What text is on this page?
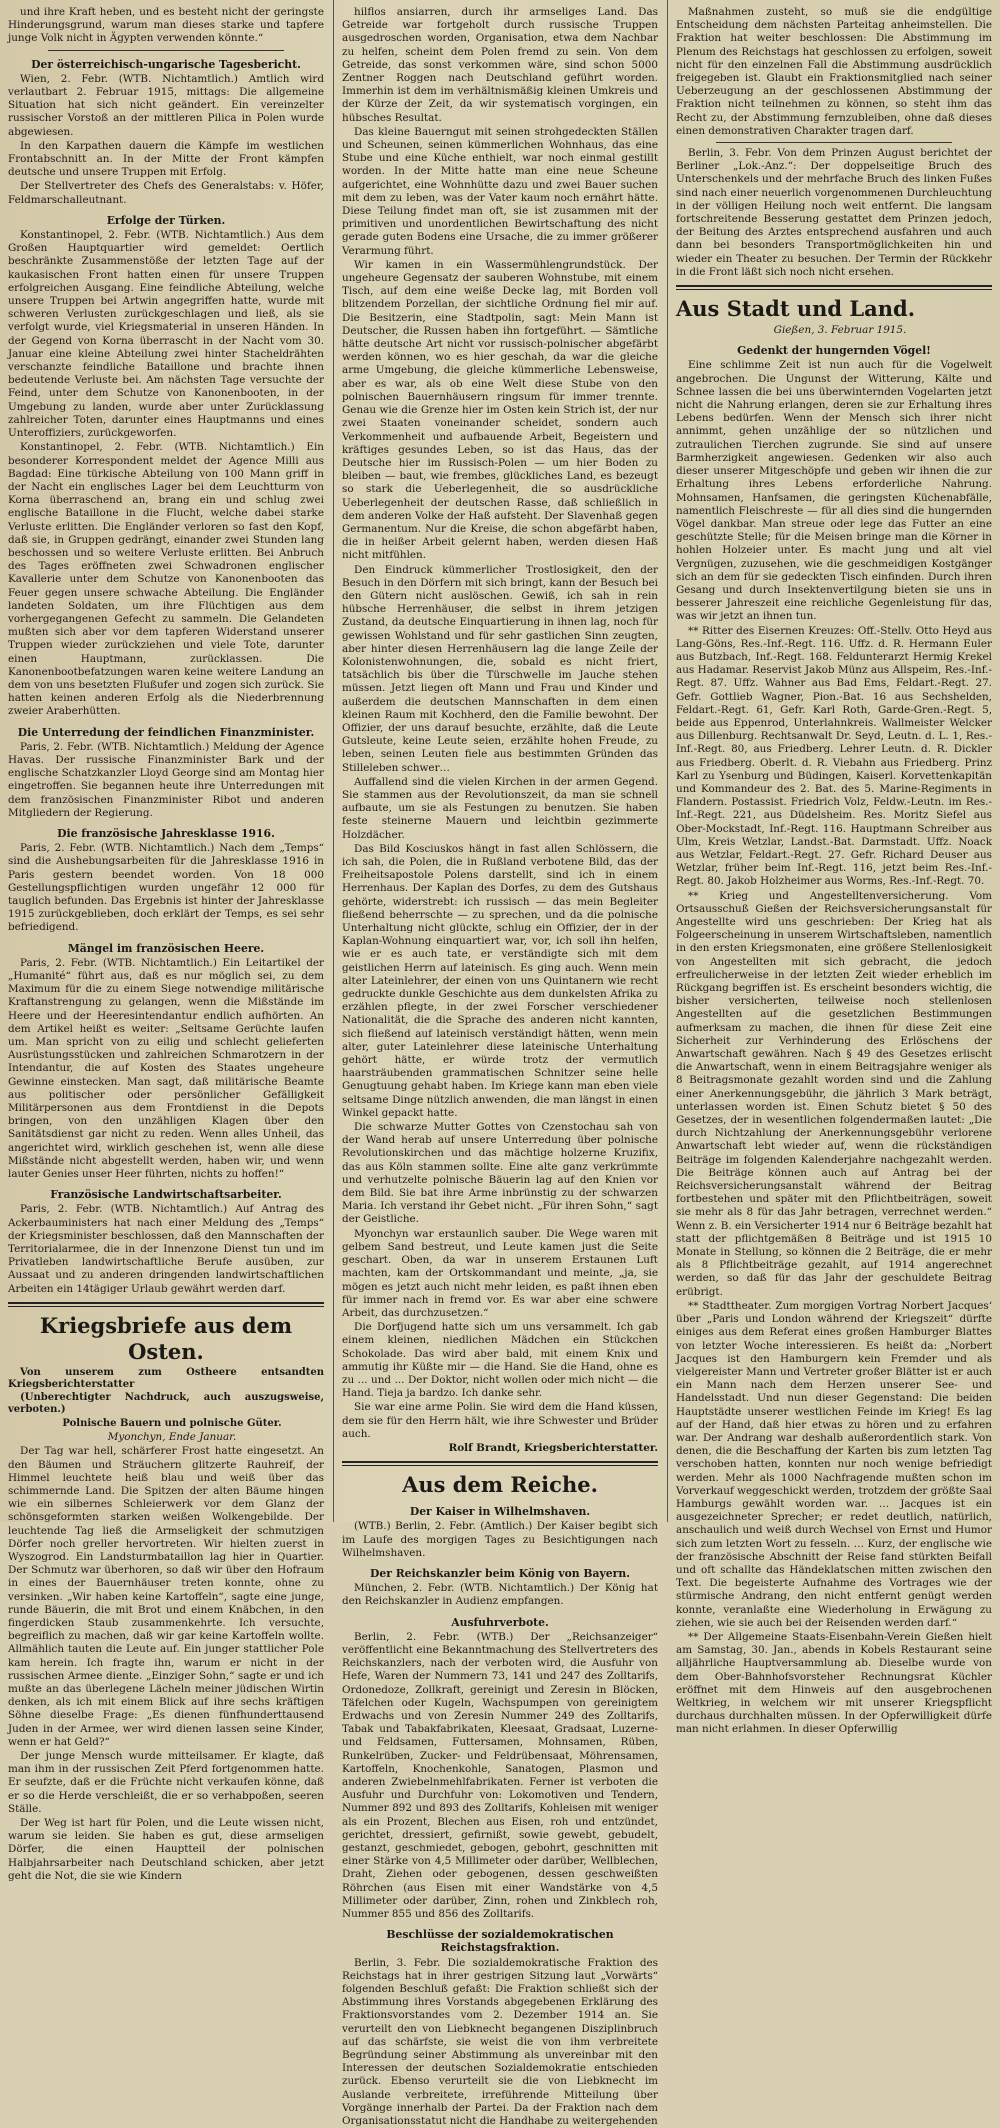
und ihre Kraft heben, und es besteht nicht der geringste Hinderungsgrund, warum man dieses starke und tapfere junge Volk nicht in Ägypten verwenden könnte.“

Der österreichisch-ungarische Tagesbericht.

Wien, 2. Febr. (WTB. Nichtamtlich.) Amtlich wird verlautbart 2. Februar 1915, mittags: Die allgemeine Situation hat sich nicht geändert. Ein vereinzelter russischer Vorstoß an der mittleren Pilica in Polen wurde abgewiesen.

In den Karpathen dauern die Kämpfe im westlichen Frontabschnitt an. In der Mitte der Front kämpfen deutsche und unsere Truppen mit Erfolg.

Der Stellvertreter des Chefs des Generalstabs: v. Höfer, Feldmarschalleutnant.

Erfolge der Türken.

Konstantinopel, 2. Febr. (WTB. Nichtamtlich.) Aus dem Großen Hauptquartier wird gemeldet: Oertlich beschränkte Zusammenstöße der letzten Tage auf der kaukasischen Front hatten einen für unsere Truppen erfolgreichen Ausgang. Eine feindliche Abteilung, welche unsere Truppen bei Artwin angegriffen hatte, wurde mit schweren Verlusten zurückgeschlagen und ließ, als sie verfolgt wurde, viel Kriegsmaterial in unseren Händen. In der Gegend von Korna überrascht in der Nacht vom 30. Januar eine kleine Abteilung zwei hinter Stacheldrähten verschanzte feindliche Bataillone und brachte ihnen bedeutende Verluste bei. Am nächsten Tage versuchte der Feind, unter dem Schutze von Kanonenbooten, in der Umgebung zu landen, wurde aber unter Zurücklassung zahlreicher Toten, darunter eines Hauptmanns und eines Unteroffiziers, zurückgeworfen.

Konstantinopel, 2. Febr. (WTB. Nichtamtlich.) Ein besonderer Korrespondent meldet der Agence Milli aus Bagdad: Eine türkische Abteilung von 100 Mann griff in der Nacht ein englisches Lager bei dem Leuchtturm von Korna überraschend an, brang ein und schlug zwei englische Bataillone in die Flucht, welche dabei starke Verluste erlitten. Die Engländer verloren so fast den Kopf, daß sie, in Gruppen gedrängt, einander zwei Stunden lang beschossen und so weitere Verluste erlitten. Bei Anbruch des Tages eröffneten zwei Schwadronen englischer Kavallerie unter dem Schutze von Kanonenbooten das Feuer gegen unsere schwache Abteilung. Die Engländer landeten Soldaten, um ihre Flüchtigen aus dem vorhergegangenen Gefecht zu sammeln. Die Gelandeten mußten sich aber vor dem tapferen Widerstand unserer Truppen wieder zurückziehen und viele Tote, darunter einen Hauptmann, zurücklassen. Die Kanonenbootbefatzungen waren keine weitere Landung an dem von uns besetzten Flußufer und zogen sich zurück. Sie hatten keinen anderen Erfolg als die Niederbrennung zweier Araberhütten.

Die Unterredung der feindlichen Finanzminister.

Paris, 2. Febr. (WTB. Nichtamtlich.) Meldung der Agence Havas. Der russische Finanzminister Bark und der englische Schatzkanzler Lloyd George sind am Montag hier eingetroffen. Sie begannen heute ihre Unterredungen mit dem französischen Finanzminister Ribot und anderen Mitgliedern der Regierung.

Die französische Jahresklasse 1916.

Paris, 2. Febr. (WTB. Nichtamtlich.) Nach dem „Temps“ sind die Aushebungsarbeiten für die Jahresklasse 1916 in Paris gestern beendet worden. Von 18 000 Gestellungspflichtigen wurden ungefähr 12 000 für tauglich befunden. Das Ergebnis ist hinter der Jahresklasse 1915 zurückgeblieben, doch erklärt der Temps, es sei sehr befriedigend.

Mängel im französischen Heere.

Paris, 2. Febr. (WTB. Nichtamtlich.) Ein Leitartikel der „Humanité“ führt aus, daß es nur möglich sei, zu dem Maximum für die zu einem Siege notwendige militärische Kraftanstrengung zu gelangen, wenn die Mißstände im Heere und der Heeresintendantur endlich aufhörten. An dem Artikel heißt es weiter: „Seltsame Gerüchte laufen um. Man spricht von zu eilig und schlecht gelieferten Ausrüstungsstücken und zahlreichen Schmarotzern in der Intendantur, die auf Kosten des Staates ungeheure Gewinne einstecken. Man sagt, daß militärische Beamte aus politischer oder persönlicher Gefälligkeit Militärpersonen aus dem Frontdienst in die Depots bringen, von den unzähligen Klagen über den Sanitätsdienst gar nicht zu reden. Wenn alles Unheil, das angerichtet wird, wirklich geschehen ist, wenn alle diese Mißstände nicht abgestellt werden, haben wir, und wenn lauter Genies unser Heer führten, nichts zu hoffen!“

Französische Landwirtschaftsarbeiter.

Paris, 2. Febr. (WTB. Nichtamtlich.) Auf Antrag des Ackerbauministers hat nach einer Meldung des „Temps“ der Kriegsminister beschlossen, daß den Mannschaften der Territorialarmee, die in der Innenzone Dienst tun und im Privatleben landwirtschaftliche Berufe ausüben, zur Aussaat und zu anderen dringenden landwirtschaftlichen Arbeiten ein 14tägiger Urlaub gewährt werden darf.

Kriegsbriefe aus dem Osten.

Von unserem zum Ostheere entsandten Kriegsberichterstatter

(Unberechtigter Nachdruck, auch auszugsweise, verboten.)

Polnische Bauern und polnische Güter.

Myonchyn, Ende Januar.

Der Tag war hell, schärferer Frost hatte eingesetzt. An den Bäumen und Sträuchern glitzerte Rauhreif, der Himmel leuchtete heiß blau und weiß über das schimmernde Land. Die Spitzen der alten Bäume hingen wie ein silbernes Schleierwerk vor dem Glanz der schönsgeformten starken weißen Wolkengebilde. Der leuchtende Tag ließ die Armseligkeit der schmutzigen Dörfer noch greller hervortreten. Wir hielten zuerst in Wyszogrod. Ein Landsturmbataillon lag hier in Quartier. Der Schmutz war überhoren, so daß wir über den Hofraum in eines der Bauernhäuser treten konnte, ohne zu versinken. „Wir haben keine Kartoffeln“, sagte eine junge, runde Bäuerin, die mit Brot und einem Knäbchen, in den fingerdicken Staub zusammenkehrte. Ich versuchte, begreiflich zu machen, daß wir gar keine Kartoffeln wollte. Allmählich tauten die Leute auf. Ein junger stattlicher Pole kam herein. Ich fragte ihn, warum er nicht in der russischen Armee diente. „Einziger Sohn,“ sagte er und ich mußte an das überlegene Lächeln meiner jüdischen Wirtin denken, als ich mit einem Blick auf ihre sechs kräftigen Söhne dieselbe Frage: „Es dienen fünfhunderttausend Juden in der Armee, wer wird dienen lassen seine Kinder, wenn er hat Geld?“

Der junge Mensch wurde mitteilsamer. Er klagte, daß man ihm in der russischen Zeit Pferd fortgenommen hatte. Er seufzte, daß er die Früchte nicht verkaufen könne, daß er so die Herde verschleißt, die er so verhabpoßen, seeren Ställe.

Der Weg ist hart für Polen, und die Leute wissen nicht, warum sie leiden. Sie haben es gut, diese armseligen Dörfer, die einen Hauptteil der polnischen Halbjahrsarbeiter nach Deutschland schicken, aber jetzt geht die Not, die sie wie Kindern

hilflos ansiarren, durch ihr armseliges Land. Das Getreide war fortgeholt durch russische Truppen ausgedroschen worden, Organisation, etwa dem Nachbar zu helfen, scheint dem Polen fremd zu sein. Von dem Getreide, das sonst verkommen wäre, sind schon 5000 Zentner Roggen nach Deutschland geführt worden. Immerhin ist dem im verhältnismäßig kleinen Umkreis und der Kürze der Zeit, da wir systematisch vorgingen, ein hübsches Resultat.

Das kleine Bauerngut mit seinen strohgedeckten Ställen und Scheunen, seinen kümmerlichen Wohnhaus, das eine Stube und eine Küche enthielt, war noch einmal gestillt worden. In der Mitte hatte man eine neue Scheune aufgerichtet, eine Wohnhütte dazu und zwei Bauer suchen mit dem zu leben, was der Vater kaum noch ernährt hätte. Diese Teilung findet man oft, sie ist zusammen mit der primitiven und unordentlichen Bewirtschaftung des nicht gerade guten Bodens eine Ursache, die zu immer größerer Verarmung führt.

Wir kamen in ein Wassermühlengrundstück. Der ungeheure Gegensatz der sauberen Wohnstube, mit einem Tisch, auf dem eine weiße Decke lag, mit Borden voll blitzendem Porzellan, der sichtliche Ordnung fiel mir auf. Die Besitzerin, eine Stadtpolin, sagt: Mein Mann ist Deutscher, die Russen haben ihn fortgeführt. — Sämtliche hätte deutsche Art nicht vor russisch-polnischer abgefärbt werden können, wo es hier geschah, da war die gleiche arme Umgebung, die gleiche kümmerliche Lebensweise, aber es war, als ob eine Welt diese Stube von den polnischen Bauernhäusern ringsum für immer trennte. Genau wie die Grenze hier im Osten kein Strich ist, der nur zwei Staaten voneinander scheidet, sondern auch Verkommenheit und aufbauende Arbeit, Begeistern und kräftiges gesundes Leben, so ist das Haus, das der Deutsche hier im Russisch-Polen — um hier Boden zu bleiben — baut, wie frembes, glückliches Land, es bezeugt so stark die Ueberlegenheit, die so ausdrückliche Ueberlegenheit der deutschen Rasse, daß schließlich in dem anderen Volke der Haß aufsteht. Der Slavenhaß gegen Germanentum. Nur die Kreise, die schon abgefärbt haben, die in heißer Arbeit gelernt haben, werden diesen Haß nicht mitfühlen.

Den Eindruck kümmerlicher Trostlosigkeit, den der Besuch in den Dörfern mit sich bringt, kann der Besuch bei den Gütern nicht auslöschen. Gewiß, ich sah in rein hübsche Herrenhäuser, die selbst in ihrem jetzigen Zustand, da deutsche Einquartierung in ihnen lag, noch für gewissen Wohlstand und für sehr gastlichen Sinn zeugten, aber hinter diesen Herrenhäusern lag die lange Zeile der Kolonistenwohnungen, die, sobald es nicht friert, tatsächlich bis über die Türschwelle im Jauche stehen müssen. Jetzt liegen oft Mann und Frau und Kinder und außerdem die deutschen Mannschaften in dem einen kleinen Raum mit Kochherd, den die Familie bewohnt. Der Offizier, der uns darauf besuchte, erzählte, daß die Leute Gutsleute, keine Leute seien, erzählte hohen Freude, zu leben, seinen Leuten fiele aus bestimmten Gründen das Stilleleben schwer…

Auffallend sind die vielen Kirchen in der armen Gegend. Sie stammen aus der Revolutionszeit, da man sie schnell aufbaute, um sie als Festungen zu benutzen. Sie haben feste steinerne Mauern und leichtbin gezimmerte Holzdächer.

Das Bild Kosciuskos hängt in fast allen Schlössern, die ich sah, die Polen, die in Rußland verbotene Bild, das der Freiheitsapostole Polens darstellt, sind ich in einem Herrenhaus. Der Kaplan des Dorfes, zu dem des Gutshaus gehörte, widerstrebt: ich russisch — das mein Begleiter fließend beherrschte — zu sprechen, und da die polnische Unterhaltung nicht glückte, schlug ein Offizier, der in der Kaplan-Wohnung einquartiert war, vor, ich soll ihn helfen, wie er es auch tate, er verständigte sich mit dem geistlichen Herrn auf lateinisch. Es ging auch. Wenn mein alter Lateinlehrer, der einen von uns Quintanern wie recht gedruckte dunkle Geschichte aus dem dunkelsten Afrika zu erzählen pflegte, in der zwei Forscher verschiedener Nationalität, die die Sprache des anderen nicht kannten, sich fließend auf lateinisch verständigt hätten, wenn mein alter, guter Lateinlehrer diese lateinische Unterhaltung gehört hätte, er würde trotz der vermutlich haarsträubenden grammatischen Schnitzer seine helle Genugtuung gehabt haben. Im Kriege kann man eben viele seltsame Dinge nützlich anwenden, die man längst in einen Winkel gepackt hatte.

Die schwarze Mutter Gottes von Czenstochau sah von der Wand herab auf unsere Unterredung über polnische Revolutionskirchen und das mächtige holzerne Kruzifix, das aus Köln stammen sollte. Eine alte ganz verkrümmte und verhutzelte polnische Bäuerin lag auf den Knien vor dem Bild. Sie bat ihre Arme inbrünstig zu der schwarzen Maria. Ich verstand ihr Gebet nicht. „Für ihren Sohn,“ sagt der Geistliche.

Myonchyn war erstaunlich sauber. Die Wege waren mit gelbem Sand bestreut, und Leute kamen just die Seite geschart. Oben, da war in unserem Erstaunen Luft machten, kam der Ortskommandant und meinte, „ja, sie mögen es jetzt auch nicht mehr leiden, es paßt ihnen eben für immer nach in fremd vor. Es war aber eine schwere Arbeit, das durchzusetzen.“

Die Dorfjugend hatte sich um uns versammelt. Ich gab einem kleinen, niedlichen Mädchen ein Stückchen Schokolade. Das wird aber bald, mit einem Knix und ammutig ihr Küßte mir — die Hand. Sie die Hand, ohne es zu ... und ... Der Doktor, nicht wollen oder mich nicht — die Hand. Tieja ja bardzo. Ich danke sehr.

Sie war eine arme Polin. Sie wird dem die Hand küssen, dem sie für den Herrn hält, wie ihre Schwester und Brüder auch.

Rolf Brandt, Kriegsberichterstatter.

Aus dem Reiche.
Der Kaiser in Wilhelmshaven.

(WTB.) Berlin, 2. Febr. (Amtlich.) Der Kaiser begibt sich im Laufe des morgigen Tages zu Besichtigungen nach Wilhelmshaven.

Der Reichskanzler beim König von Bayern.

München, 2. Febr. (WTB. Nichtamtlich.) Der König hat den Reichskanzler in Audienz empfangen.

Ausfuhrverbote.

Berlin, 2. Febr. (WTB.) Der „Reichsanzeiger“ veröffentlicht eine Bekanntmachung des Stellvertreters des Reichskanzlers, nach der verboten wird, die Ausfuhr von Hefe, Waren der Nummern 73, 141 und 247 des Zolltarifs, Ordonedoze, Zollkraft, gereinigt und Zeresin in Blöcken, Täfelchen oder Kugeln, Wachspumpen von gereinigtem Erdwachs und von Zeresin Nummer 249 des Zolltarifs, Tabak und Tabakfabrikaten, Kleesaat, Gradsaat, Luzerne- und Feldsamen, Futtersamen, Mohnsamen, Rüben, Runkelrüben, Zucker- und Feldrübensaat, Möhrensamen, Kartoffeln, Knochenkohle, Sanatogen, Plasmon und anderen Zwiebelnmehlfabrikaten. Ferner ist verboten die Ausfuhr und Durchfuhr von: Lokomotiven und Tendern, Nummer 892 und 893 des Zolltarifs, Kohleisen mit weniger als ein Prozent, Blechen aus Eisen, roh und entzündet, gerichtet, dressiert, gefirnißt, sowie gewebt, gebudelt, gestanzt, geschmiedet, gebogen, gebohrt, geschnitten mit einer Stärke von 4,5 Millimeter oder darüber, Wellblechen, Draht, Ziehen oder gebogenen, dessen geschweißten Röhrchen (aus Eisen mit einer Wandstärke von 4,5 Millimeter oder darüber, Zinn, rohen und Zinkblech roh, Nummer 855 und 856 des Zolltarifs.

Beschlüsse der sozialdemokratischen Reichstagsfraktion.

Berlin, 3. Febr. Die sozialdemokratische Fraktion des Reichstags hat in ihrer gestrigen Sitzung laut „Vorwärts“ folgenden Beschluß gefaßt: Die Fraktion schließt sich der Abstimmung ihres Vorstands abgegebenen Erklärung des Fraktionsvorstandes vom 2. Dezember 1914 an. Sie verurteilt den von Liebknecht begangenen Disziplinbruch auf das schärfste, sie weist die von ihm verbreitete Begründung seiner Abstimmung als unvereinbar mit den Interessen der deutschen Sozialdemokratie entschieden zurück. Ebenso verurteilt sie die von Liebknecht im Auslande verbreitete, irreführende Mitteilung über Vorgänge innerhalb der Partei. Da der Fraktion nach dem Organisationsstatut nicht die Handhabe zu weitergehenden

Maßnahmen zusteht, so muß sie die endgültige Entscheidung dem nächsten Parteitag anheimstellen. Die Fraktion hat weiter beschlossen: Die Abstimmung im Plenum des Reichstags hat geschlossen zu erfolgen, soweit nicht für den einzelnen Fall die Abstimmung ausdrücklich freigegeben ist. Glaubt ein Fraktionsmitglied nach seiner Ueberzeugung an der geschlossenen Abstimmung der Fraktion nicht teilnehmen zu können, so steht ihm das Recht zu, der Abstimmung fernzubleiben, ohne daß dieses einen demonstrativen Charakter tragen darf.

Berlin, 3. Febr. Von dem Prinzen August berichtet der Berliner „Lok.-Anz.“: Der doppelseitige Bruch des Unterschenkels und der mehrfache Bruch des linken Fußes sind nach einer neuerlich vorgenommenen Durchleuchtung in der völligen Heilung noch weit entfernt. Die langsam fortschreitende Besserung gestattet dem Prinzen jedoch, der Beitung des Arztes entsprechend ausfahren und auch dann bei besonders Transportmöglichkeiten hin und wieder ein Theater zu besuchen. Der Termin der Rückkehr in die Front läßt sich noch nicht ersehen.

Aus Stadt und Land.

Gießen, 3. Februar 1915.

Gedenkt der hungernden Vögel!

Eine schlimme Zeit ist nun auch für die Vogelwelt angebrochen. Die Ungunst der Witterung, Kälte und Schnee lassen die bei uns überwinternden Vogelarten jetzt nicht die Nahrung erlangen, deren sie zur Erhaltung ihres Lebens bedürfen. Wenn der Mensch sich ihrer nicht annimmt, gehen unzählige der so nützlichen und zutraulichen Tierchen zugrunde. Sie sind auf unsere Barmherzigkeit angewiesen. Gedenken wir also auch dieser unserer Mitgeschöpfe und geben wir ihnen die zur Erhaltung ihres Lebens erforderliche Nahrung. Mohnsamen, Hanfsamen, die geringsten Küchenabfälle, namentlich Fleischreste — für all dies sind die hungernden Vögel dankbar. Man streue oder lege das Futter an eine geschützte Stelle; für die Meisen bringe man die Körner in hohlen Holzeier unter. Es macht jung und alt viel Vergnügen, zuzusehen, wie die geschmeidigen Kostgänger sich an dem für sie gedeckten Tisch einfinden. Durch ihren Gesang und durch Insektenvertilgung bieten sie uns in besserer Jahreszeit eine reichliche Gegenleistung für das, was wir jetzt an ihnen tun.

** Ritter des Eisernen Kreuzes: Off.-Stellv. Otto Heyd aus Lang-Göns, Res.-Inf.-Regt. 116. Uffz. d. R. Hermann Euler aus Butzbach, Inf.-Regt. 168. Feldunterarzt Hermig Krekel aus Hadamar. Reservist Jakob Münz aus Allspeim, Res.-Inf.-Regt. 87. Uffz. Wahner aus Bad Ems, Feldart.-Regt. 27. Gefr. Gottlieb Wagner, Pion.-Bat. 16 aus Sechshelden, Feldart.-Regt. 61, Gefr. Karl Roth, Garde-Gren.-Regt. 5, beide aus Eppenrod, Unterlahnkreis. Wallmeister Welcker aus Dillenburg. Rechtsanwalt Dr. Seyd, Leutn. d. L. 1, Res.-Inf.-Regt. 80, aus Friedberg. Lehrer Leutn. d. R. Dickler aus Friedberg. Oberlt. d. R. Viebahn aus Friedberg. Prinz Karl zu Ysenburg und Büdingen, Kaiserl. Korvettenkapitän und Kommandeur des 2. Bat. des 5. Marine-Regiments in Flandern. Postassist. Friedrich Volz, Feldw.-Leutn. im Res.-Inf.-Regt. 221, aus Düdelsheim. Res. Moritz Siefel aus Ober-Mockstadt, Inf.-Regt. 116. Hauptmann Schreiber aus Ulm, Kreis Wetzlar, Landst.-Bat. Darmstadt. Uffz. Noack aus Wetzlar, Feldart.-Regt. 27. Gefr. Richard Deuser aus Wetzlar, früher beim Inf.-Regt. 116, jetzt beim Res.-Inf.-Regt. 80. Jakob Holzheimer aus Worms, Res.-Inf.-Regt. 70.

** Krieg und Angestelltenversicherung. Vom Ortsausschuß Gießen der Reichsversicherungsanstalt für Angestellte wird uns geschrieben: Der Krieg hat als Folgeerscheinung in unserem Wirtschaftsleben, namentlich in den ersten Kriegsmonaten, eine größere Stellenlosigkeit von Angestellten mit sich gebracht, die jedoch erfreulicherweise in der letzten Zeit wieder erheblich im Rückgang begriffen ist. Es erscheint besonders wichtig, die bisher versicherten, teilweise noch stellenlosen Angestellten auf die gesetzlichen Bestimmungen aufmerksam zu machen, die ihnen für diese Zeit eine Sicherheit zur Verhinderung des Erlöschens der Anwartschaft gewähren. Nach § 49 des Gesetzes erlischt die Anwartschaft, wenn in einem Beitragsjahre weniger als 8 Beitragsmonate gezahlt worden sind und die Zahlung einer Anerkennungsgebühr, die jährlich 3 Mark beträgt, unterlassen worden ist. Einen Schutz bietet § 50 des Gesetzes, der in wesentlichen folgendermaßen lautet: „Die durch Nichtzahlung der Anerkennungsgebühr verlorene Anwartschaft lebt wieder auf, wenn die rückständigen Beiträge im folgenden Kalenderjahre nachgezahlt werden. Die Beiträge können auch auf Antrag bei der Reichsversicherungsanstalt während der Beitrag fortbestehen und später mit den Pflichtbeiträgen, soweit sie mehr als 8 für das Jahr betragen, verrechnet werden.“ Wenn z. B. ein Versicherter 1914 nur 6 Beiträge bezahlt hat statt der pflichtgemäßen 8 Beiträge und ist 1915 10 Monate in Stellung, so können die 2 Beiträge, die er mehr als 8 Pflichtbeiträge gezahlt, auf 1914 angerechnet werden, so daß für das Jahr der geschuldete Beitrag erübrigt.

** Stadttheater. Zum morgigen Vortrag Norbert Jacques‘ über „Paris und London während der Kriegszeit“ dürfte einiges aus dem Referat eines großen Hamburger Blattes von letzter Woche interessieren. Es heißt da: „Norbert Jacques ist den Hamburgern kein Fremder und als vielgereister Mann und Vertreter großer Blätter ist er auch ein Mann nach dem Herzen unserer See- und Handelsstadt. Und nun dieser Gegenstand: Die beiden Hauptstädte unserer westlichen Feinde im Krieg! Es lag auf der Hand, daß hier etwas zu hören und zu erfahren war. Der Andrang war deshalb außerordentlich stark. Von denen, die die Beschaffung der Karten bis zum letzten Tag verschoben hatten, konnten nur noch wenige befriedigt werden. Mehr als 1000 Nachfragende mußten schon im Vorverkauf weggeschickt werden, trotzdem der größte Saal Hamburgs gewählt worden war. … Jacques ist ein ausgezeichneter Sprecher; er redet deutlich, natürlich, anschaulich und weiß durch Wechsel von Ernst und Humor sich zum letzten Wort zu fesseln. … Kurz, der englische wie der französische Abschnitt der Reise fand stürkten Beifall und oft schallte das Händeklatschen mitten zwischen den Text. Die begeisterte Aufnahme des Vortrages wie der stürmische Andrang, den nicht entfernt genügt werden konnte, veranlaßte eine Wiederholung in Erwägung zu ziehen, wie sie auch bei der Reisenden werden darf.“

** Der Allgemeine Staats-Eisenbahn-Verein Gießen hielt am Samstag, 30. Jan., abends in Kobels Restaurant seine alljährliche Hauptversammlung ab. Dieselbe wurde von dem Ober-Bahnhofsvorsteher Rechnungsrat Küchler eröffnet mit dem Hinweis auf den ausgebrochenen Weltkrieg, in welchem wir mit unserer Kriegspflicht durchaus durchhalten müssen. In der Opferwilligkeit dürfe man nicht erlahmen. In dieser Opferwillig
